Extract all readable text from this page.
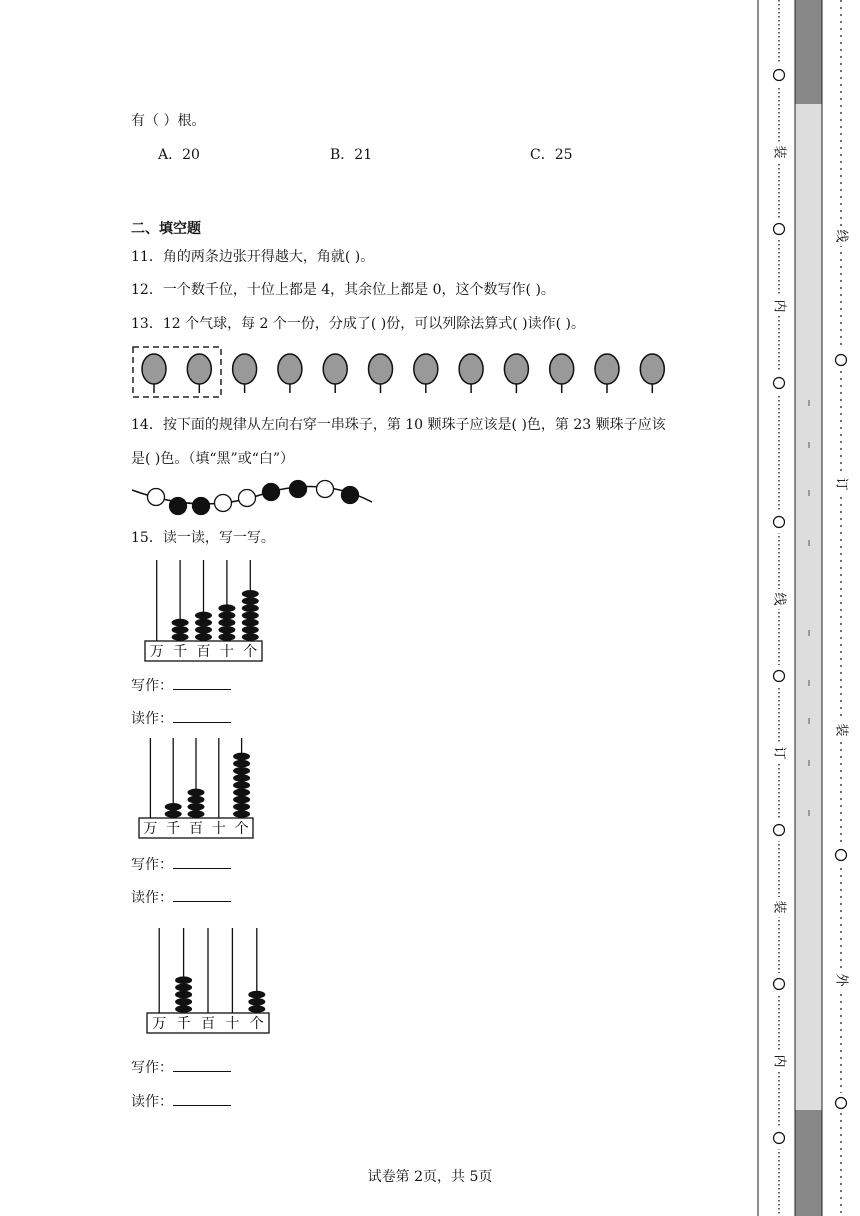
有（ ）根。
A．20	B．21	C．25
二、填空题
11．角的两条边张开得越大，角就( )。
12．一个数千位，十位上都是 4，其余位上都是 0，这个数写作( )。
13．12 个气球，每 2 个一份，分成了( )份，可以列除法算式( )读作( )。
万 千 百 十 个
万 千 百 十 个
万 千 百 十 个
14．按下面的规律从左向右穿一串珠子，第 10 颗珠子应该是( )色，第 23 颗珠子应该
是( )色。（填“黑”或“白”）
15．读一读，写一写。
写作：
读作：
写作：
读作：
写作：
读作：
线
订
装
外
装
内
线
订
装
内
试卷第 2页，共 5页
